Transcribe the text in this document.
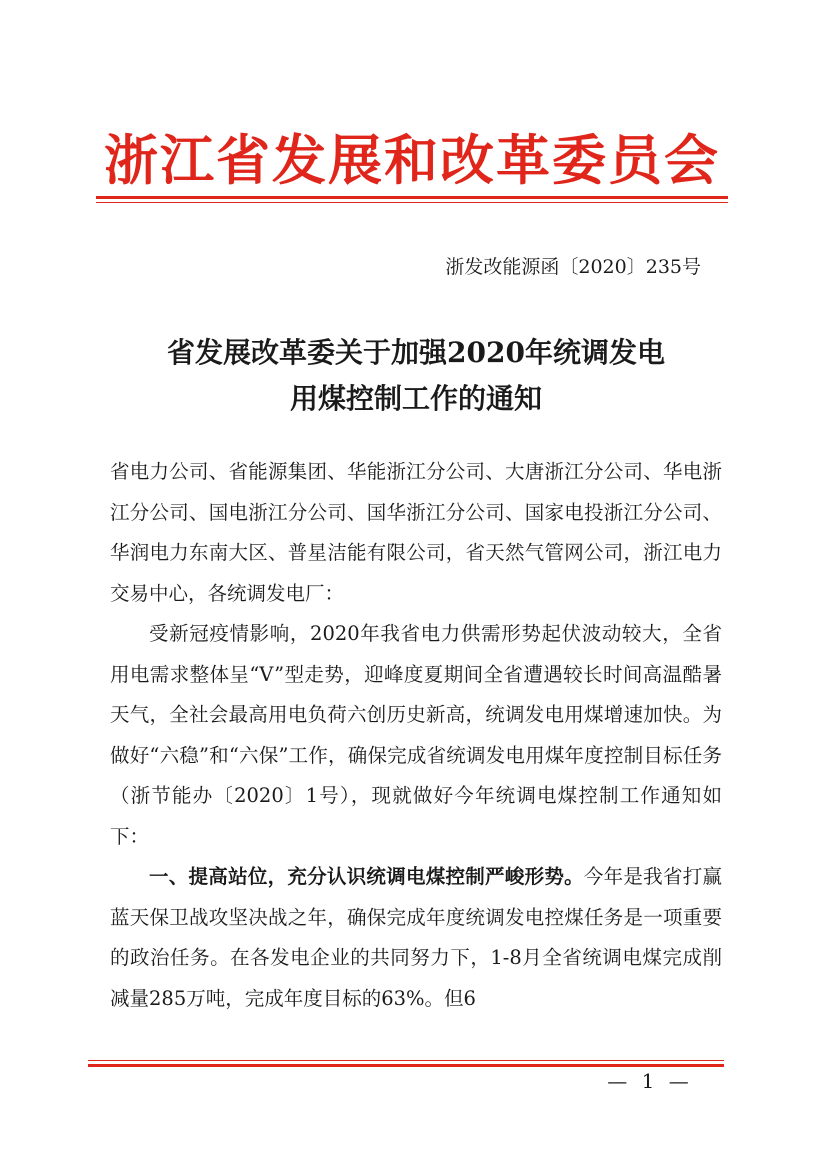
浙江省发展和改革委员会
浙发改能源函〔2020〕235号
省发展改革委关于加强2020年统调发电
用煤控制工作的通知

省电力公司、省能源集团、华能浙江分公司、大唐浙江分公司、华电浙江分公司、国电浙江分公司、国华浙江分公司、国家电投浙江分公司、华润电力东南大区、普星洁能有限公司，省天然气管网公司，浙江电力交易中心，各统调发电厂：

受新冠疫情影响，2020年我省电力供需形势起伏波动较大，全省用电需求整体呈“V”型走势，迎峰度夏期间全省遭遇较长时间高温酷暑天气，全社会最高用电负荷六创历史新高，统调发电用煤增速加快。为做好“六稳”和“六保”工作，确保完成省统调发电用煤年度控制目标任务（浙节能办〔2020〕1号），现就做好今年统调电煤控制工作通知如下：

一、提高站位，充分认识统调电煤控制严峻形势。今年是我省打赢蓝天保卫战攻坚决战之年，确保完成年度统调发电控煤任务是一项重要的政治任务。在各发电企业的共同努力下，1-8月全省统调电煤完成削减量285万吨，完成年度目标的63%。但6

— 1 —
